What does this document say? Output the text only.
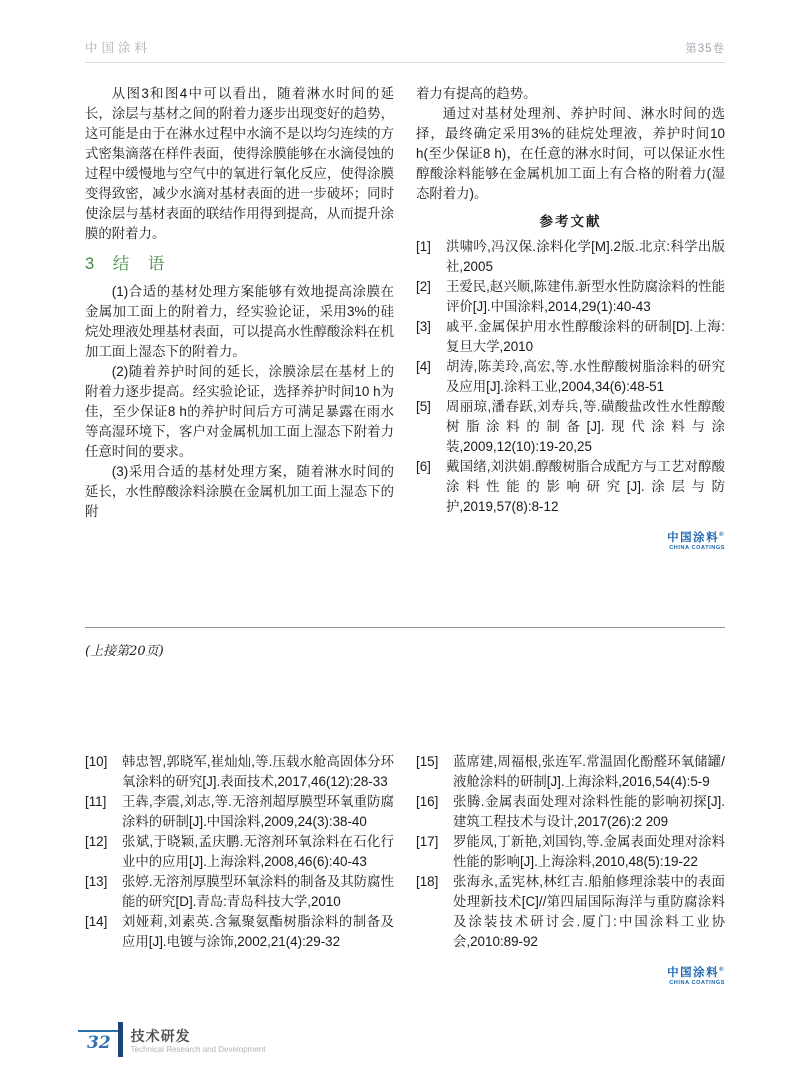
中国涂料	第35卷

从图3和图4中可以看出，随着淋水时间的延长，涂层与基材之间的附着力逐步出现变好的趋势，这可能是由于在淋水过程中水滴不是以均匀连续的方式密集滴落在样件表面，使得涂膜能够在水滴侵蚀的过程中缓慢地与空气中的氧进行氧化反应，使得涂膜变得致密，减少水滴对基材表面的进一步破坏；同时使涂层与基材表面的联结作用得到提高，从而提升涂膜的附着力。

3 结 语

(1)合适的基材处理方案能够有效地提高涂膜在金属加工面上的附着力，经实验论证，采用3%的硅烷处理液处理基材表面，可以提高水性醇酸涂料在机加工面上湿态下的附着力。

(2)随着养护时间的延长，涂膜涂层在基材上的附着力逐步提高。经实验论证，选择养护时间10 h为佳，至少保证8 h的养护时间后方可满足暴露在雨水等高湿环境下，客户对金属机加工面上湿态下附着力任意时间的要求。

(3)采用合适的基材处理方案，随着淋水时间的延长，水性醇酸涂料涂膜在金属机加工面上湿态下的附

着力有提高的趋势。

通过对基材处理剂、养护时间、淋水时间的选择，最终确定采用3%的硅烷处理液，养护时间10 h(至少保证8 h)，在任意的淋水时间，可以保证水性醇酸涂料能够在金属机加工面上有合格的附着力(湿态附着力)。

参考文献
[1]	洪啸吟,冯汉保.涂料化学[M].2版.北京:科学出版社,2005
[2]	王爱民,赵兴顺,陈建伟.新型水性防腐涂料的性能评价[J].中国涂料,2014,29(1):40-43
[3]	戚平.金属保护用水性醇酸涂料的研制[D].上海:复旦大学,2010
[4]	胡涛,陈美玲,高宏,等.水性醇酸树脂涂料的研究及应用[J].涂料工业,2004,34(6):48-51
[5]	周丽琼,潘春跃,刘寿兵,等.磺酸盐改性水性醇酸树脂涂料的制备[J].现代涂料与涂装,2009,12(10):19-20,25
[6]	戴国绪,刘洪娟.醇酸树脂合成配方与工艺对醇酸涂料性能的影响研究[J].涂层与防护,2019,57(8):8-12
中国涂料®
CHINA COATINGS
(上接第20页)
[10]	韩忠智,郭晓军,崔灿灿,等.压载水舱高固体分环氧涂料的研究[J].表面技术,2017,46(12):28-33
[11]	王犇,李震,刘志,等.无溶剂超厚膜型环氧重防腐涂料的研制[J].中国涂料,2009,24(3):38-40
[12]	张斌,于晓颖,孟庆鹏.无溶剂环氧涂料在石化行业中的应用[J].上海涂料,2008,46(6):40-43
[13]	张婷.无溶剂厚膜型环氧涂料的制备及其防腐性能的研究[D].青岛:青岛科技大学,2010
[14]	刘娅莉,刘素英.含氟聚氨酯树脂涂料的制备及应用[J].电镀与涂饰,2002,21(4):29-32
[15]	蓝席建,周福根,张连军.常温固化酚醛环氧储罐/液舱涂料的研制[J].上海涂料,2016,54(4):5-9
[16]	张腾.金属表面处理对涂料性能的影响初探[J].建筑工程技术与设计,2017(26):2 209
[17]	罗能凤,丁新艳,刘国钧,等.金属表面处理对涂料性能的影响[J].上海涂料,2010,48(5):19-22
[18]	张海永,孟宪林,林红吉.船舶修理涂装中的表面处理新技术[C]//第四届国际海洋与重防腐涂料及涂装技术研讨会.厦门:中国涂料工业协会,2010:89-92
中国涂料®
CHINA COATINGS
32	技术研发
Technical Research and Development
